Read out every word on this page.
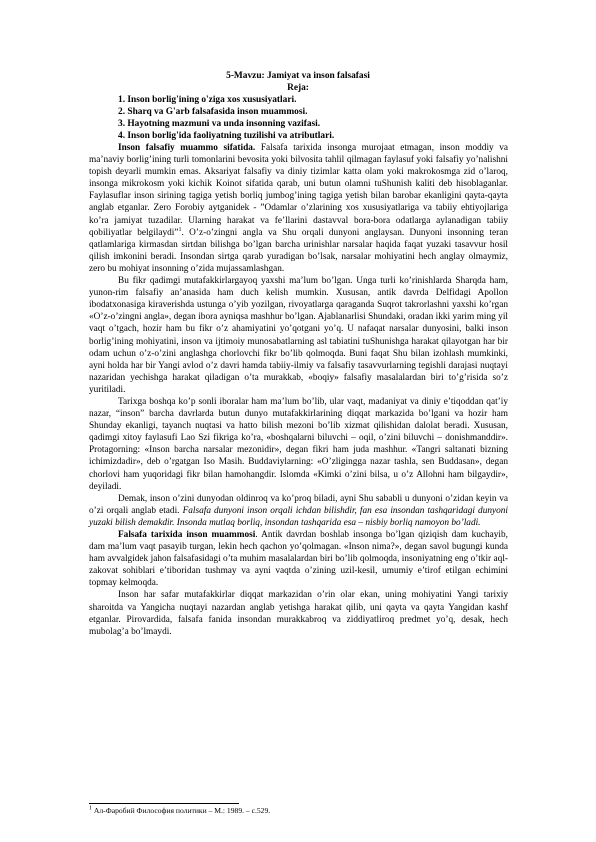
5-Mavzu: Jamiyat va inson falsafasi
Reja:
1. Inson borlig'ining o'ziga xos xususiyatlari.
2. Sharq va G'arb falsafasida inson muammosi.
3. Hayotning mazmuni va unda insonning vazifasi.
4. Inson borlig'ida faoliyatning tuzilishi va atributlari.

Inson falsafiy muammo sifatida. Falsafa tarixida insonga murojaat etmagan, inson moddiy va ma’naviy borlig’ining turli tomonlarini bevosita yoki bilvosita tahlil qilmagan faylasuf yoki falsafiy yo’nalishni topish deyarli mumkin emas. Aksariyat falsafiy va diniy tizimlar katta olam yoki makrokosmga zid o’laroq, insonga mikrokosm yoki kichik Koinot sifatida qarab, uni butun olamni tuShunish kaliti deb hisoblaganlar. Faylasuflar inson sirining tagiga yetish borliq jumbog’ining tagiga yetish bilan barobar ekanligini qayta-qayta anglab etganlar. Zero Forobiy aytganidek - ”Odamlar o’zlarining xos xususiyatlariga va tabiiy ehtiyojlariga ko’ra jamiyat tuzadilar. Ularning harakat va fe’llarini dastavval bora-bora odatlarga aylanadigan tabiiy qobiliyatlar belgilaydi”$^1$. O’z-o’zingni angla va Shu orqali dunyoni anglaysan. Dunyoni insonning teran qatlamlariga kirmasdan sirtdan bilishga bo’lgan barcha urinishlar narsalar haqida faqat yuzaki tasavvur hosil qilish imkonini beradi. Insondan sirtga qarab yuradigan bo’lsak, narsalar mohiyatini hech anglay olmaymiz, zero bu mohiyat insonning o’zida mujassamlashgan.

Bu fikr qadimgi mutafakkirlargayoq yaxshi ma’lum bo’lgan. Unga turli ko’rinishlarda Sharqda ham, yunon-rim falsafiy an’anasida ham duch kelish mumkin. Xususan, antik davrda Delfidagi Apollon ibodatxonasiga kiraverishda ustunga o’yib yozilgan, rivoyatlarga qaraganda Suqrot takrorlashni yaxshi ko’rgan «O’z-o’zingni angla», degan ibora ayniqsa mashhur bo’lgan. Ajablanarlisi Shundaki, oradan ikki yarim ming yil vaqt o’tgach, hozir ham bu fikr o’z ahamiyatini yo’qotgani yo’q. U nafaqat narsalar dunyosini, balki inson borlig’ining mohiyatini, inson va ijtimoiy munosabatlarning asl tabiatini tuShunishga harakat qilayotgan har bir odam uchun o’z-o’zini anglashga chorlovchi fikr bo’lib qolmoqda. Buni faqat Shu bilan izohlash mumkinki, ayni holda har bir Yangi avlod o’z davri hamda tabiiy-ilmiy va falsafiy tasavvurlarning tegishli darajasi nuqtayi nazaridan yechishga harakat qiladigan o’ta murakkab, «boqiy» falsafiy masalalardan biri to’g’risida so’z yuritiladi.

Tarixga boshqa ko’p sonli iboralar ham ma’lum bo’lib, ular vaqt, madaniyat va diniy e’tiqoddan qat’iy nazar, “inson” barcha davrlarda butun dunyo mutafakkirlarining diqqat markazida bo’lgani va hozir ham Shunday ekanligi, tayanch nuqtasi va hatto bilish mezoni bo’lib xizmat qilishidan dalolat beradi. Xususan, qadimgi xitoy faylasufi Lao Szi fikriga ko’ra, «boshqalarni biluvchi – oqil, o’zini biluvchi – donishmanddir». Protagorning: «Inson barcha narsalar mezonidir», degan fikri ham juda mashhur. «Tangri saltanati bizning ichimizdadir», deb o’rgatgan Iso Masih. Buddaviylarning: «O’zligingga nazar tashla, sen Buddasan», degan chorlovi ham yuqoridagi fikr bilan hamohangdir. Islomda «Kimki o’zini bilsa, u o’z Allohni ham bilgaydir», deyiladi.

Demak, inson o’zini dunyodan oldinroq va ko’proq biladi, ayni Shu sababli u dunyoni o’zidan keyin va o’zi orqali anglab etadi. Falsafa dunyoni inson orqali ichdan bilishdir, fan esa insondan tashqaridagi dunyoni yuzaki bilish demakdir. Insonda mutlaq borliq, insondan tashqarida esa – nisbiy borliq namoyon bo’ladi.

Falsafa tarixida inson muammosi. Antik davrdan boshlab insonga bo’lgan qiziqish dam kuchayib, dam ma’lum vaqt pasayib turgan, lekin hech qachon yo’qolmagan. «Inson nima?», degan savol bugungi kunda ham avvalgidek jahon falsafasidagi o’ta muhim masalalardan biri bo’lib qolmoqda, insoniyatning eng o’tkir aql-zakovat sohiblari e’tiboridan tushmay va ayni vaqtda o’zining uzil-kesil, umumiy e’tirof etilgan echimini topmay kelmoqda.

Inson har safar mutafakkirlar diqqat markazidan o’rin olar ekan, uning mohiyatini Yangi tarixiy sharoitda va Yangicha nuqtayi nazardan anglab yetishga harakat qilib, uni qayta va qayta Yangidan kashf etganlar. Pirovardida, falsafa fanida insondan murakkabroq va ziddiyatliroq predmet yo’q, desak, hech mubolag’a bo’lmaydi.

$^1$ Ал-Фаробий Философия политики – М.: 1989. – с.529.
